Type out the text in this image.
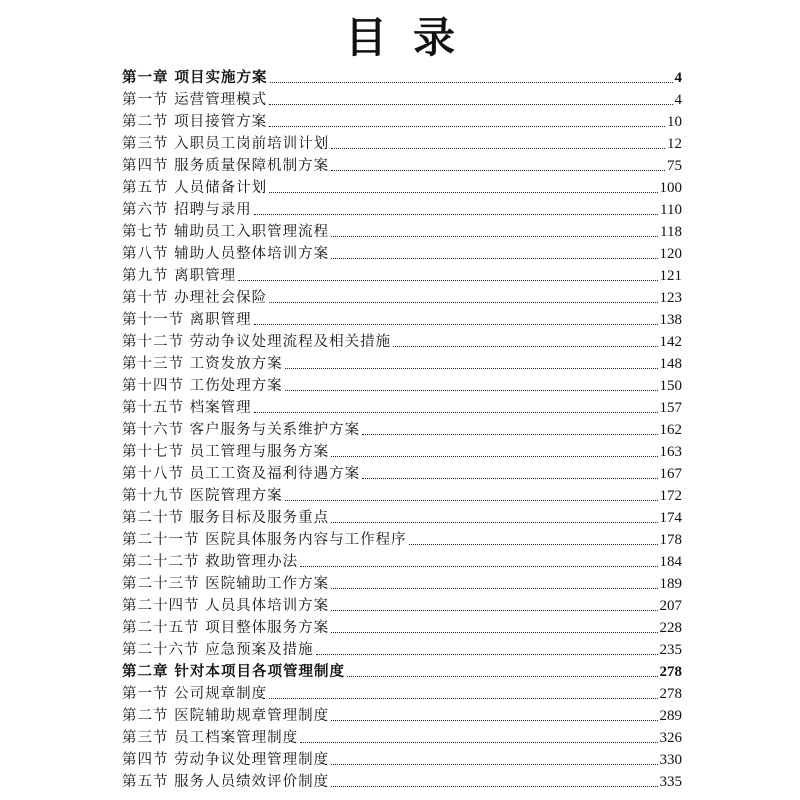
目录
第一章 项目实施方案	4
第一节 运营管理模式	4
第二节 项目接管方案	10
第三节 入职员工岗前培训计划	12
第四节 服务质量保障机制方案	75
第五节 人员储备计划	100
第六节 招聘与录用	110
第七节 辅助员工入职管理流程	118
第八节 辅助人员整体培训方案	120
第九节 离职管理	121
第十节 办理社会保险	123
第十一节 离职管理	138
第十二节 劳动争议处理流程及相关措施	142
第十三节 工资发放方案	148
第十四节 工伤处理方案	150
第十五节 档案管理	157
第十六节 客户服务与关系维护方案	162
第十七节 员工管理与服务方案	163
第十八节 员工工资及福利待遇方案	167
第十九节 医院管理方案	172
第二十节 服务目标及服务重点	174
第二十一节 医院具体服务内容与工作程序	178
第二十二节 救助管理办法	184
第二十三节 医院辅助工作方案	189
第二十四节 人员具体培训方案	207
第二十五节 项目整体服务方案	228
第二十六节 应急预案及措施	235
第二章 针对本项目各项管理制度	278
第一节 公司规章制度	278
第二节 医院辅助规章管理制度	289
第三节 员工档案管理制度	326
第四节 劳动争议处理管理制度	330
第五节 服务人员绩效评价制度	335
